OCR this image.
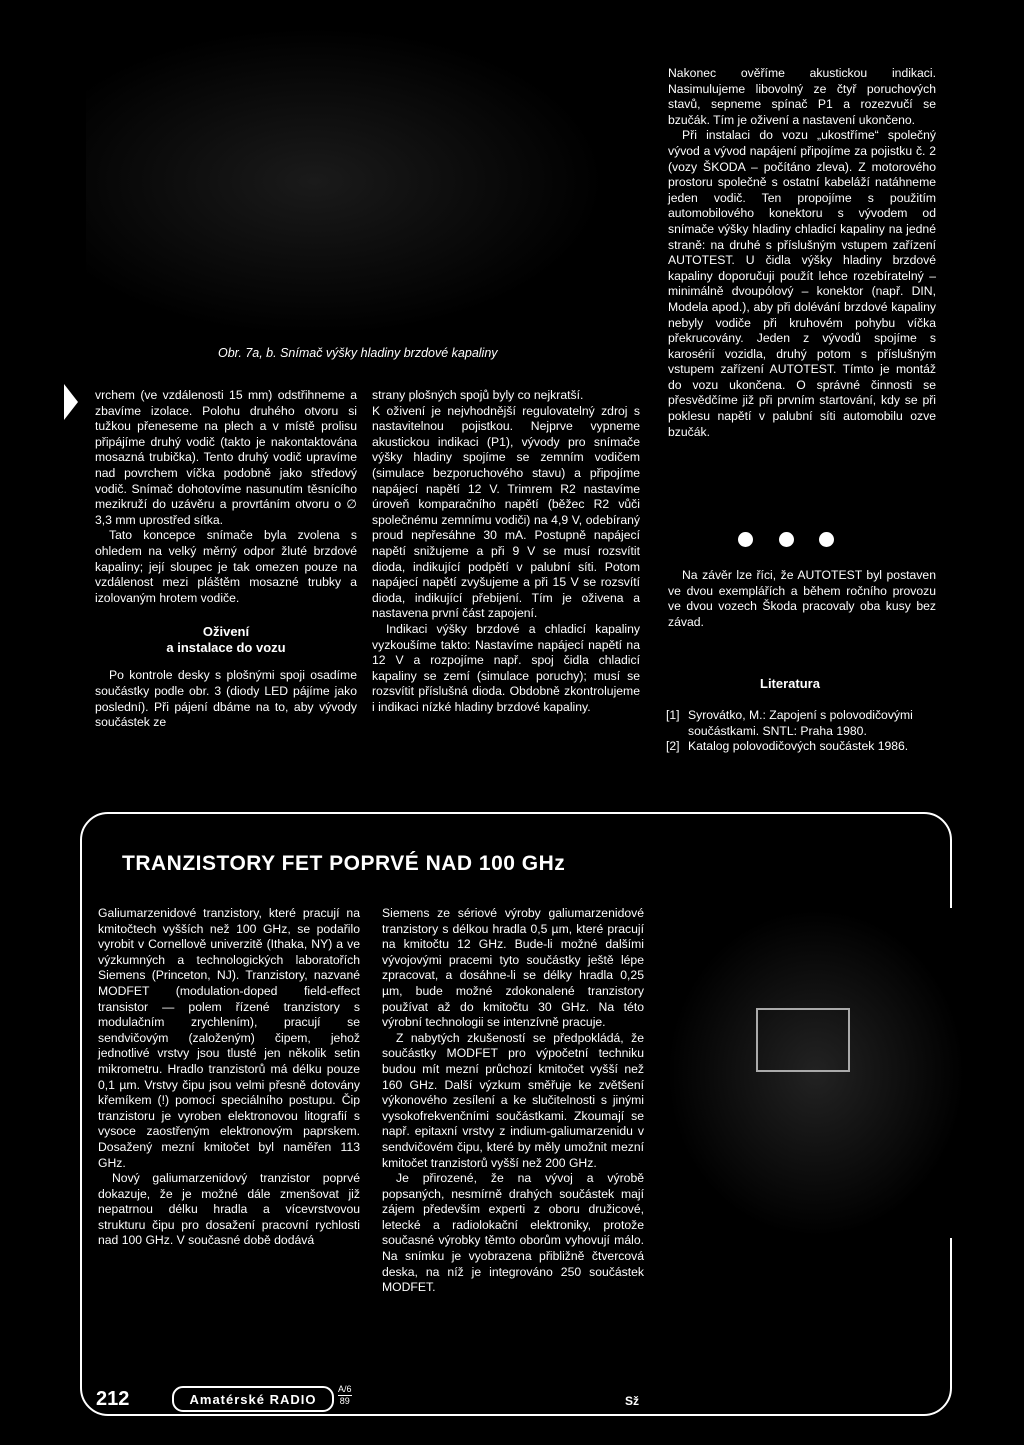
Obr. 7a, b. Snímač výšky hladiny brzdové kapaliny

vrchem (ve vzdálenosti 15 mm) odstřihneme a zbavíme izolace. Polohu druhého otvoru si tužkou přeneseme na plech a v místě prolisu připájíme druhý vodič (takto je nakontaktována mosazná trubička). Tento druhý vodič upravíme nad povrchem víčka podobně jako středový vodič. Snímač dohotovíme nasunutím těsnícího mezikruží do uzávěru a provrtáním otvoru o ∅ 3,3 mm uprostřed sítka.

Tato koncepce snímače byla zvolena s ohledem na velký měrný odpor žluté brzdové kapaliny; její sloupec je tak omezen pouze na vzdálenost mezi pláštěm mosazné trubky a izolovaným hrotem vodiče.

Oživení
a instalace do vozu

Po kontrole desky s plošnými spoji osadíme součástky podle obr. 3 (diody LED pájíme jako poslední). Při pájení dbáme na to, aby vývody součástek ze

strany plošných spojů byly co nejkratší.

K oživení je nejvhodnější regulovatelný zdroj s nastavitelnou pojistkou. Nejprve vypneme akustickou indikaci (P1), vývody pro snímače výšky hladiny spojíme se zemním vodičem (simulace bezporuchového stavu) a připojíme napájecí napětí 12 V. Trimrem R2 nastavíme úroveň komparačního napětí (běžec R2 vůči společnému zemnímu vodiči) na 4,9 V, odebíraný proud nepřesáhne 30 mA. Postupně napájecí napětí snižujeme a při 9 V se musí rozsvítit dioda, indikující podpětí v palubní síti. Potom napájecí napětí zvyšujeme a při 15 V se rozsvítí dioda, indikující přebijení. Tím je oživena a nastavena první část zapojení.

Indikaci výšky brzdové a chladicí kapaliny vyzkoušíme takto: Nastavíme napájecí napětí na 12 V a rozpojíme např. spoj čidla chladicí kapaliny se zemí (simulace poruchy); musí se rozsvítit příslušná dioda. Obdobně zkontrolujeme i indikaci nízké hladiny brzdové kapaliny.

Nakonec ověříme akustickou indikaci. Nasimulujeme libovolný ze čtyř poruchových stavů, sepneme spínač P1 a rozezvučí se bzučák. Tím je oživení a nastavení ukončeno.

Při instalaci do vozu „ukostříme“ společný vývod a vývod napájení připojíme za pojistku č. 2 (vozy ŠKODA – počítáno zleva). Z motorového prostoru společně s ostatní kabeláží natáhneme jeden vodič. Ten propojíme s použitím automobilového konektoru s vývodem od snímače výšky hladiny chladicí kapaliny na jedné straně: na druhé s příslušným vstupem zařízení AUTOTEST. U čidla výšky hladiny brzdové kapaliny doporučuji použít lehce rozebíratelný – minimálně dvoupólový – konektor (např. DIN, Modela apod.), aby při dolévání brzdové kapaliny nebyly vodiče při kruhovém pohybu víčka překrucovány. Jeden z vývodů spojíme s karosérií vozidla, druhý potom s příslušným vstupem zařízení AUTOTEST. Tímto je montáž do vozu ukončena. O správné činnosti se přesvědčíme již při prvním startování, kdy se při poklesu napětí v palubní síti automobilu ozve bzučák.

Na závěr lze říci, že AUTOTEST byl postaven ve dvou exemplářích a během ročního provozu ve dvou vozech Škoda pracovaly oba kusy bez závad.

Literatura
[1] Syrovátko, M.: Zapojení s polovodičovými součástkami. SNTL: Praha 1980.
[2] Katalog polovodičových součástek 1986.
TRANZISTORY FET POPRVÉ NAD 100 GHz

Galiumarzenidové tranzistory, které pracují na kmitočtech vyšších než 100 GHz, se podařilo vyrobit v Cornellově univerzitě (Ithaka, NY) a ve výzkumných a technologických laboratořích Siemens (Princeton, NJ). Tranzistory, nazvané MODFET (modulation-doped field-effect transistor — polem řízené tranzistory s modulačním zrychlením), pracují se sendvičovým (založeným) čipem, jehož jednotlivé vrstvy jsou tlusté jen několik setin mikrometru. Hradlo tranzistorů má délku pouze 0,1 µm. Vrstvy čipu jsou velmi přesně dotovány křemíkem (!) pomocí speciálního postupu. Čip tranzistoru je vyroben elektronovou litografií s vysoce zaostřeným elektronovým paprskem. Dosažený mezní kmitočet byl naměřen 113 GHz.

Nový galiumarzenidový tranzistor poprvé dokazuje, že je možné dále zmenšovat již nepatrnou délku hradla a vícevrstvovou strukturu čipu pro dosažení pracovní rychlosti nad 100 GHz. V současné době dodává

Siemens ze sériové výroby galiumarzenidové tranzistory s délkou hradla 0,5 µm, které pracují na kmitočtu 12 GHz. Bude-li možné dalšími vývojovými pracemi tyto součástky ještě lépe zpracovat, a dosáhne-li se délky hradla 0,25 µm, bude možné zdokonalené tranzistory používat až do kmitočtu 30 GHz. Na této výrobní technologii se intenzívně pracuje.

Z nabytých zkušeností se předpokládá, že součástky MODFET pro výpočetní techniku budou mít mezní průchozí kmitočet vyšší než 160 GHz. Další výzkum směřuje ke zvětšení výkonového zesílení a ke slučitelnosti s jinými vysokofrekvenčními součástkami. Zkoumají se např. epitaxní vrstvy z indium-galiumarzenidu v sendvičovém čipu, které by měly umožnit mezní kmitočet tranzistorů vyšší než 200 GHz.

Je přirozené, že na vývoj a výrobě popsaných, nesmírně drahých součástek mají zájem především experti z oboru družicové, letecké a radiolokační elektroniky, protože současné výrobky těmto oborům vyhovují málo. Na snímku je vyobrazena přibližně čtvercová deska, na níž je integrováno 250 součástek MODFET.

Sž
212	Amatérské RADIO
A/6
89
